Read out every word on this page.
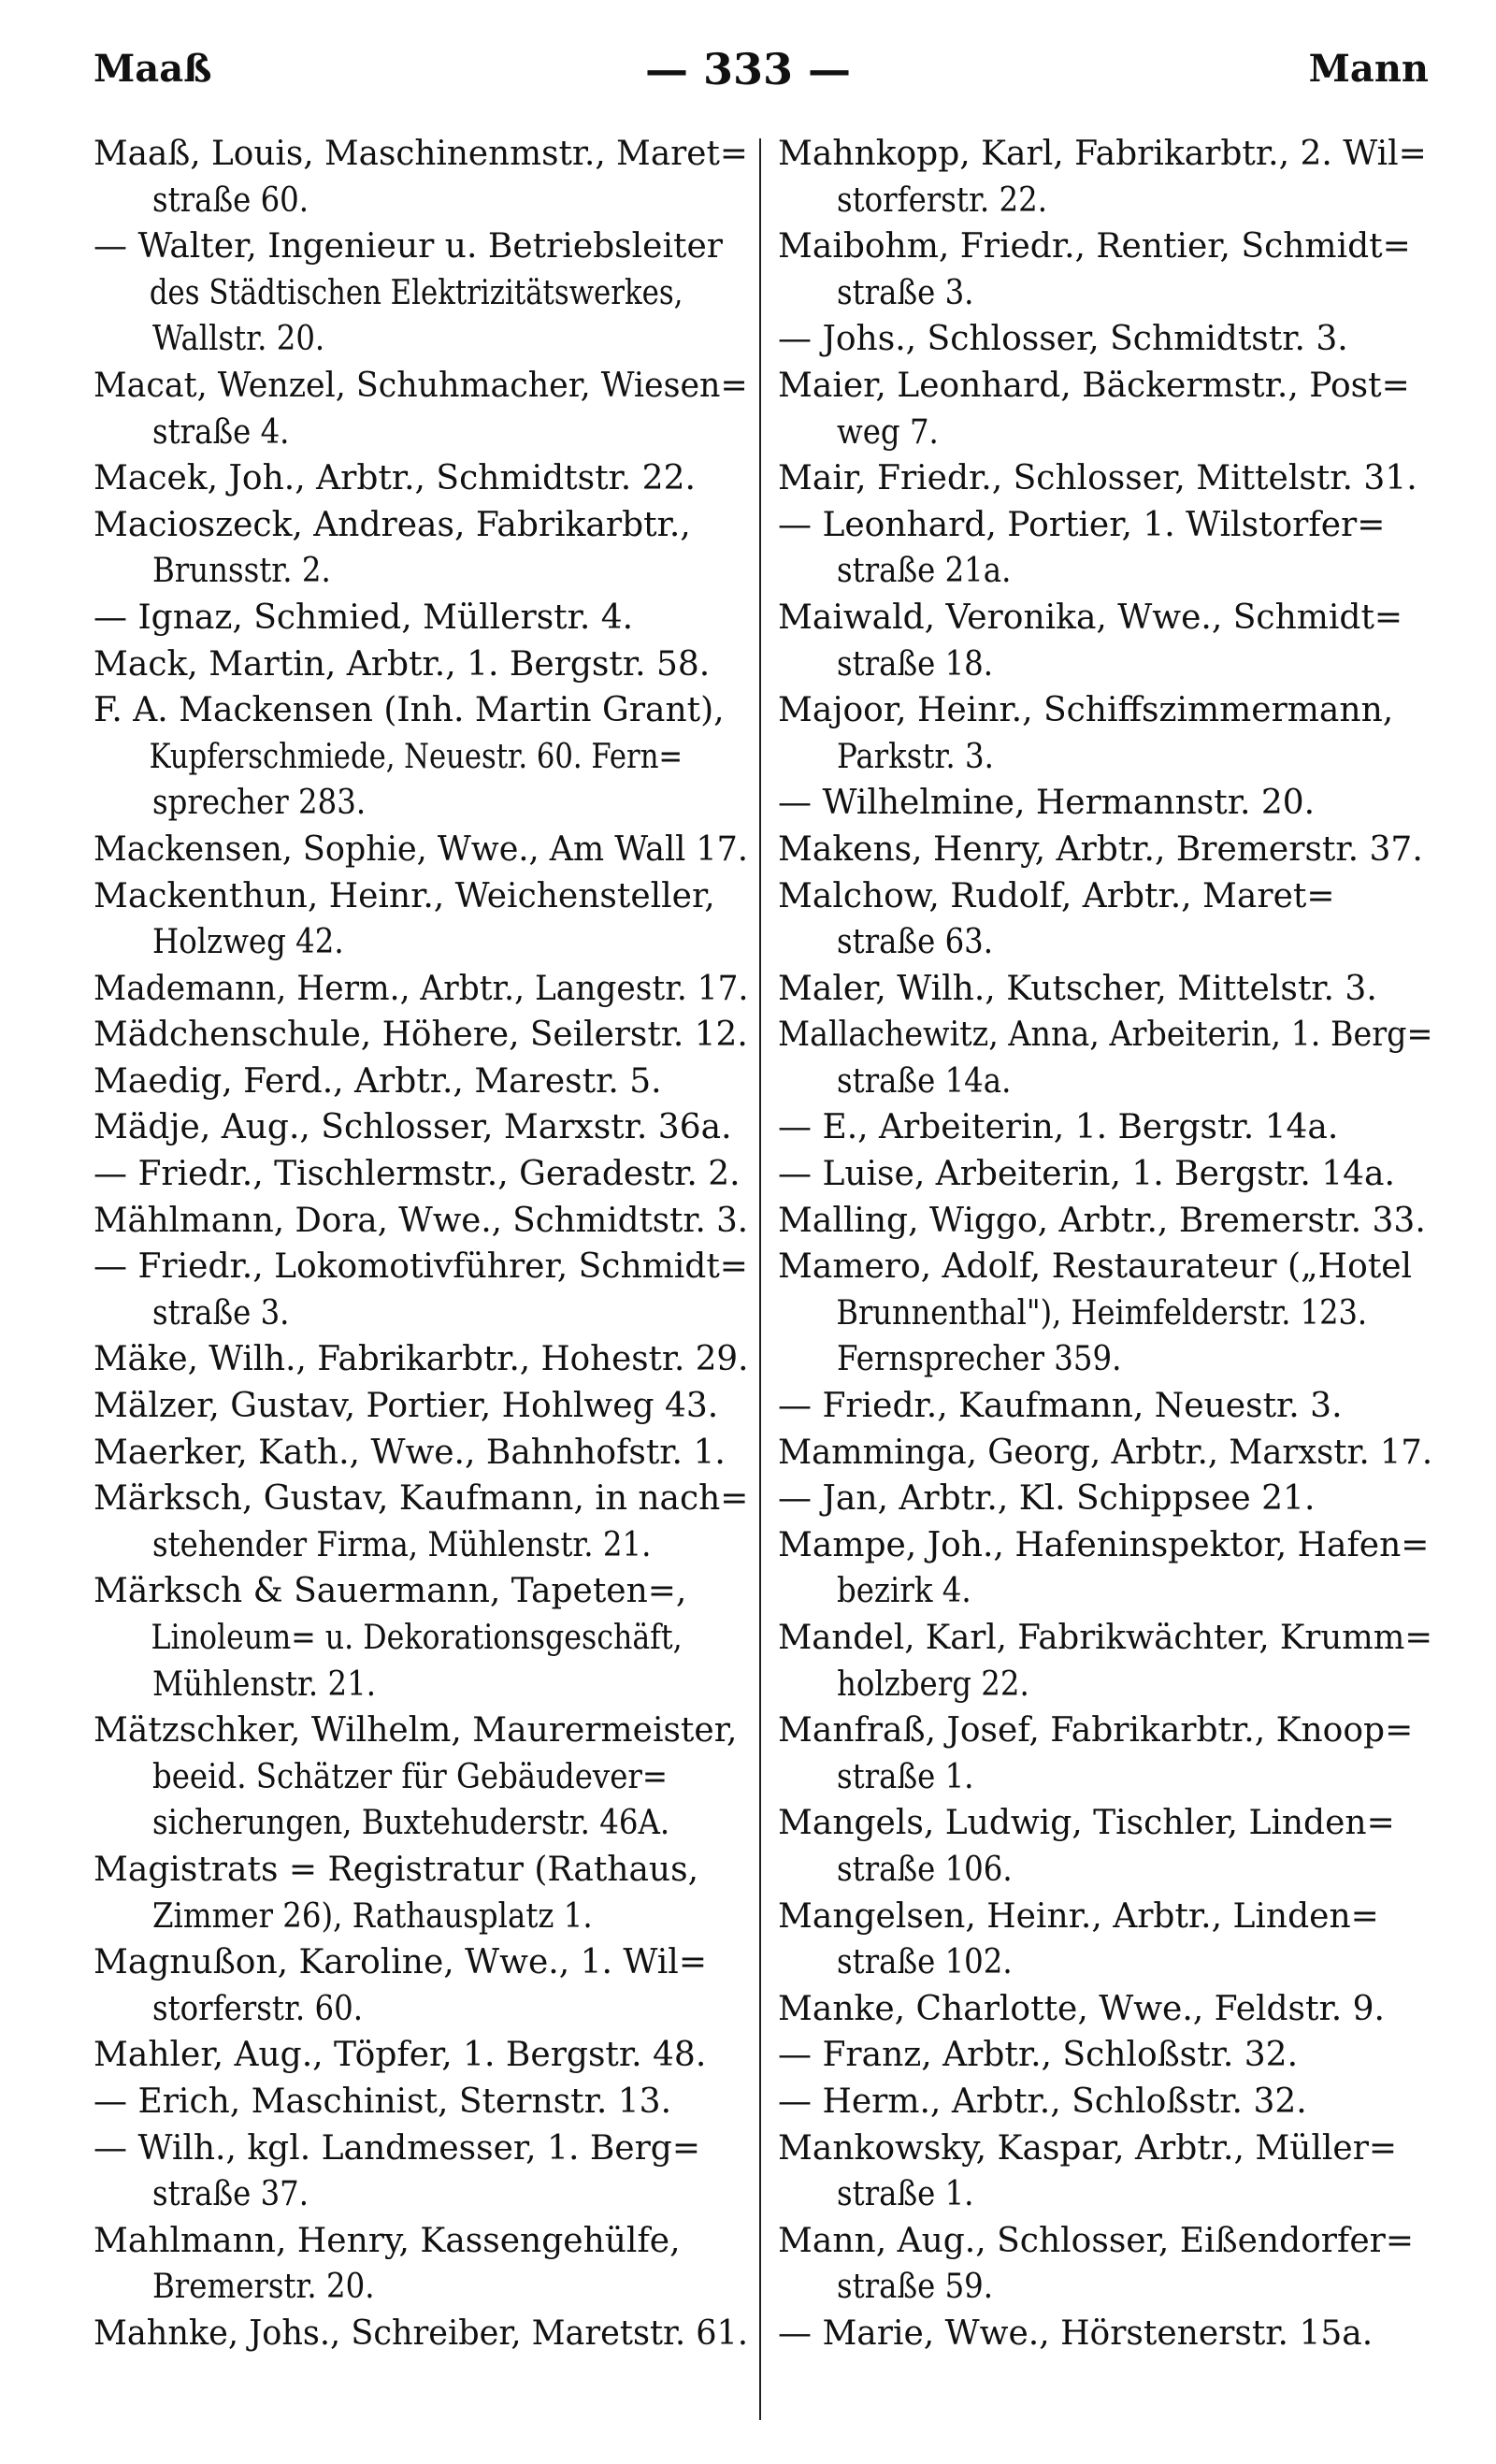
— 333 —
Maaß	Mann
Maaß, Louis, Maschinenmstr., Maret=
straße 60.
— Walter, Ingenieur u. Betriebsleiter
des Städtischen Elektrizitätswerkes,
Wallstr. 20.
Macat, Wenzel, Schuhmacher, Wiesen=
straße 4.
Macek, Joh., Arbtr., Schmidtstr. 22.
Macioszeck, Andreas, Fabrikarbtr.,
Brunsstr. 2.
— Ignaz, Schmied, Müllerstr. 4.
Mack, Martin, Arbtr., 1. Bergstr. 58.
F. A. Mackensen (Inh. Martin Grant),
Kupferschmiede, Neuestr. 60. Fern=
sprecher 283.
Mackensen, Sophie, Wwe., Am Wall 17.
Mackenthun, Heinr., Weichensteller,
Holzweg 42.
Mademann, Herm., Arbtr., Langestr. 17.
Mädchenschule, Höhere, Seilerstr. 12.
Maedig, Ferd., Arbtr., Marestr. 5.
Mädje, Aug., Schlosser, Marxstr. 36a.
— Friedr., Tischlermstr., Geradestr. 2.
Mählmann, Dora, Wwe., Schmidtstr. 3.
— Friedr., Lokomotivführer, Schmidt=
straße 3.
Mäke, Wilh., Fabrikarbtr., Hohestr. 29.
Mälzer, Gustav, Portier, Hohlweg 43.
Maerker, Kath., Wwe., Bahnhofstr. 1.
Märksch, Gustav, Kaufmann, in nach=
stehender Firma, Mühlenstr. 21.
Märksch & Sauermann, Tapeten=,
Linoleum= u. Dekorationsgeschäft,
Mühlenstr. 21.
Mätzschker, Wilhelm, Maurermeister,
beeid. Schätzer für Gebäudever=
sicherungen, Buxtehuderstr. 46A.
Magistrats = Registratur (Rathaus,
Zimmer 26), Rathausplatz 1.
Magnußon, Karoline, Wwe., 1. Wil=
storferstr. 60.
Mahler, Aug., Töpfer, 1. Bergstr. 48.
— Erich, Maschinist, Sternstr. 13.
— Wilh., kgl. Landmesser, 1. Berg=
straße 37.
Mahlmann, Henry, Kassengehülfe,
Bremerstr. 20.
Mahnke, Johs., Schreiber, Maretstr. 61.
Mahnkopp, Karl, Fabrikarbtr., 2. Wil=
storferstr. 22.
Maibohm, Friedr., Rentier, Schmidt=
straße 3.
— Johs., Schlosser, Schmidtstr. 3.
Maier, Leonhard, Bäckermstr., Post=
weg 7.
Mair, Friedr., Schlosser, Mittelstr. 31.
— Leonhard, Portier, 1. Wilstorfer=
straße 21a.
Maiwald, Veronika, Wwe., Schmidt=
straße 18.
Majoor, Heinr., Schiffszimmermann,
Parkstr. 3.
— Wilhelmine, Hermannstr. 20.
Makens, Henry, Arbtr., Bremerstr. 37.
Malchow, Rudolf, Arbtr., Maret=
straße 63.
Maler, Wilh., Kutscher, Mittelstr. 3.
Mallachewitz, Anna, Arbeiterin, 1. Berg=
straße 14a.
— E., Arbeiterin, 1. Bergstr. 14a.
— Luise, Arbeiterin, 1. Bergstr. 14a.
Malling, Wiggo, Arbtr., Bremerstr. 33.
Mamero, Adolf, Restaurateur („Hotel
Brunnenthal"), Heimfelderstr. 123.
Fernsprecher 359.
— Friedr., Kaufmann, Neuestr. 3.
Mamminga, Georg, Arbtr., Marxstr. 17.
— Jan, Arbtr., Kl. Schippsee 21.
Mampe, Joh., Hafeninspektor, Hafen=
bezirk 4.
Mandel, Karl, Fabrikwächter, Krumm=
holzberg 22.
Manfraß, Josef, Fabrikarbtr., Knoop=
straße 1.
Mangels, Ludwig, Tischler, Linden=
straße 106.
Mangelsen, Heinr., Arbtr., Linden=
straße 102.
Manke, Charlotte, Wwe., Feldstr. 9.
— Franz, Arbtr., Schloßstr. 32.
— Herm., Arbtr., Schloßstr. 32.
Mankowsky, Kaspar, Arbtr., Müller=
straße 1.
Mann, Aug., Schlosser, Eißendorfer=
straße 59.
— Marie, Wwe., Hörstenerstr. 15a.
